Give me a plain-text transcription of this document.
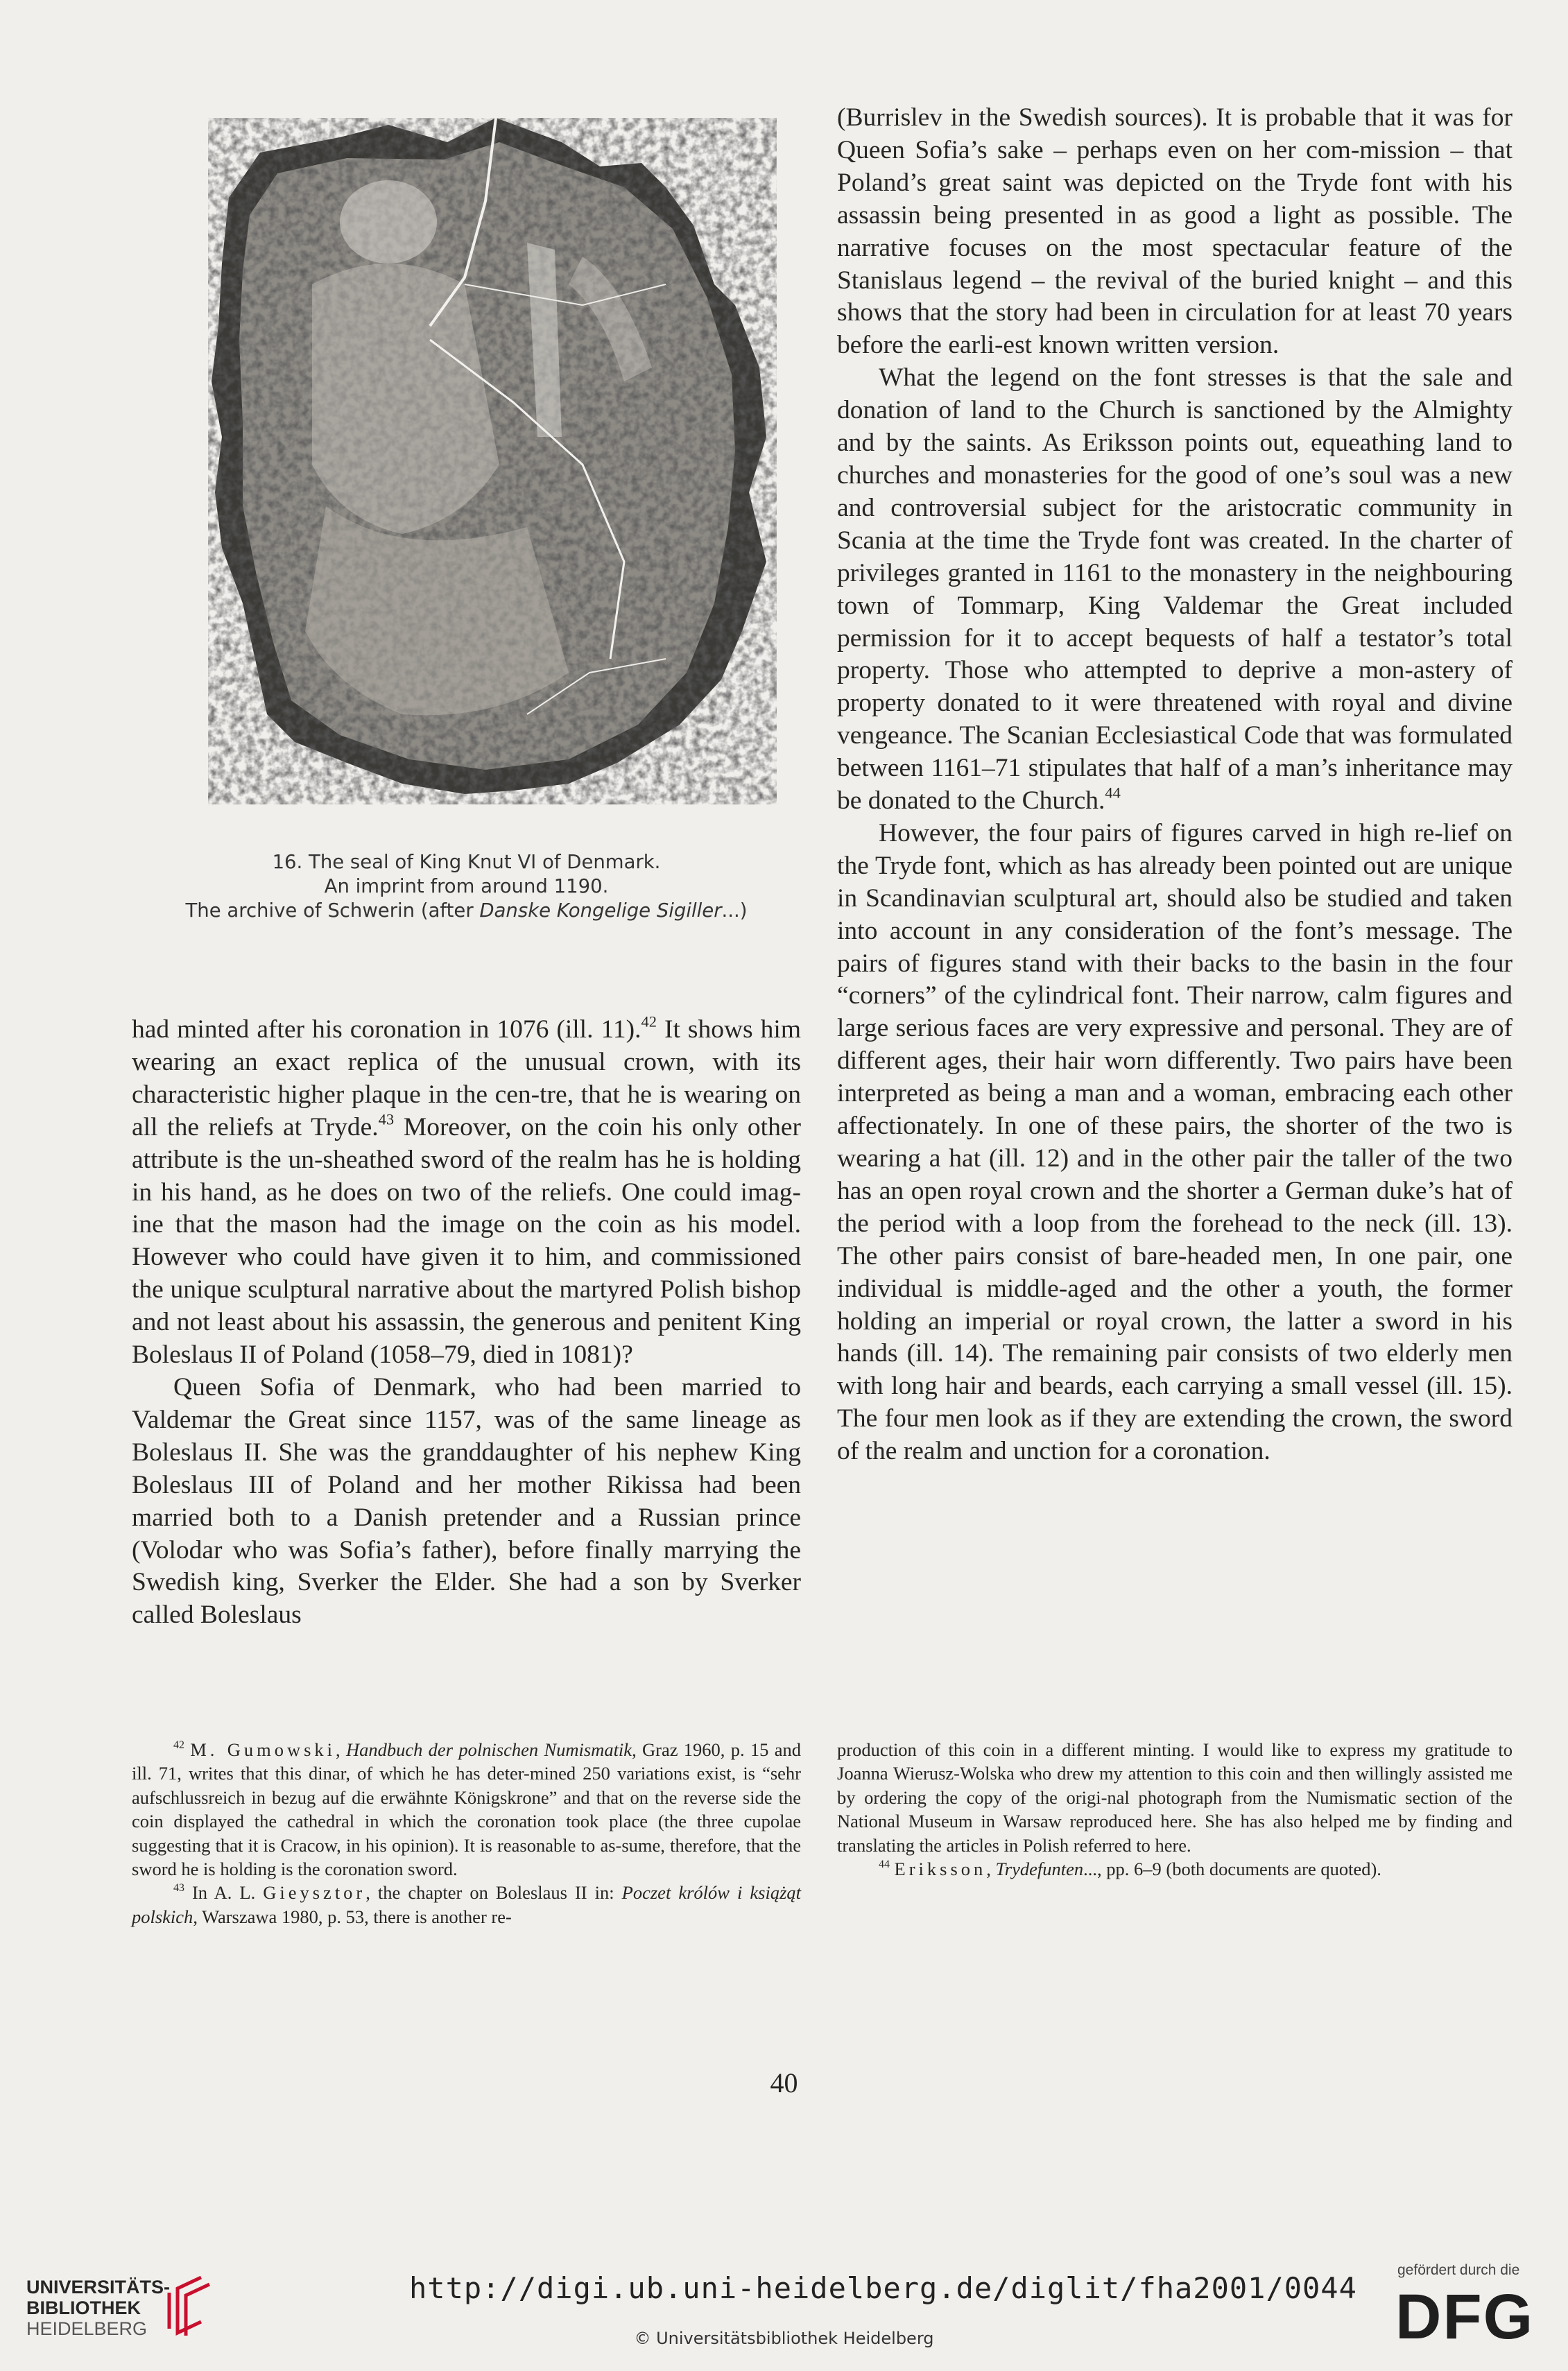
16. The seal of King Knut VI of Denmark.
An imprint from around 1190.
The archive of Schwerin (after Danske Kongelige Sigiller...)

had minted after his coronation in 1076 (ill. 11).$^{42}$ It shows him wearing an exact replica of the unusual crown, with its characteristic higher plaque in the cen-tre, that he is wearing on all the reliefs at Tryde.$^{43}$ Moreover, on the coin his only other attribute is the un-sheathed sword of the realm has he is holding in his hand, as he does on two of the reliefs. One could imag-ine that the mason had the image on the coin as his model. However who could have given it to him, and commissioned the unique sculptural narrative about the martyred Polish bishop and not least about his assassin, the generous and penitent King Boleslaus II of Poland (1058–79, died in 1081)?

Queen Sofia of Denmark, who had been married to Valdemar the Great since 1157, was of the same lineage as Boleslaus II. She was the granddaughter of his nephew King Boleslaus III of Poland and her mother Rikissa had been married both to a Danish pretender and a Russian prince (Volodar who was Sofia’s father), before finally marrying the Swedish king, Sverker the Elder. She had a son by Sverker called Boleslaus

(Burrislev in the Swedish sources). It is probable that it was for Queen Sofia’s sake – perhaps even on her com-mission – that Poland’s great saint was depicted on the Tryde font with his assassin being presented in as good a light as possible. The narrative focuses on the most spectacular feature of the Stanislaus legend – the revival of the buried knight – and this shows that the story had been in circulation for at least 70 years before the earli-est known written version.

What the legend on the font stresses is that the sale and donation of land to the Church is sanctioned by the Almighty and by the saints. As Eriksson points out, equeathing land to churches and monasteries for the good of one’s soul was a new and controversial subject for the aristocratic community in Scania at the time the Tryde font was created. In the charter of privileges granted in 1161 to the monastery in the neighbouring town of Tommarp, King Valdemar the Great included permission for it to accept bequests of half a testator’s total property. Those who attempted to deprive a mon-astery of property donated to it were threatened with royal and divine vengeance. The Scanian Ecclesiastical Code that was formulated between 1161–71 stipulates that half of a man’s inheritance may be donated to the Church.$^{44}$

However, the four pairs of figures carved in high re-lief on the Tryde font, which as has already been pointed out are unique in Scandinavian sculptural art, should also be studied and taken into account in any consideration of the font’s message. The pairs of figures stand with their backs to the basin in the four “corners” of the cylindrical font. Their narrow, calm figures and large serious faces are very expressive and personal. They are of different ages, their hair worn differently. Two pairs have been interpreted as being a man and a woman, embracing each other affectionately. In one of these pairs, the shorter of the two is wearing a hat (ill. 12) and in the other pair the taller of the two has an open royal crown and the shorter a German duke’s hat of the period with a loop from the forehead to the neck (ill. 13). The other pairs consist of bare-headed men, In one pair, one individual is middle-aged and the other a youth, the former holding an imperial or royal crown, the latter a sword in his hands (ill. 14). The remaining pair consists of two elderly men with long hair and beards, each carrying a small vessel (ill. 15). The four men look as if they are extending the crown, the sword of the realm and unction for a coronation.

$^{42}$ M. Gumowski, Handbuch der polnischen Numismatik, Graz 1960, p. 15 and ill. 71, writes that this dinar, of which he has deter-mined 250 variations exist, is “sehr aufschlussreich in bezug auf die erwähnte Königskrone” and that on the reverse side the coin displayed the cathedral in which the coronation took place (the three cupolae suggesting that it is Cracow, in his opinion). It is reasonable to as-sume, therefore, that the sword he is holding is the coronation sword.

$^{43}$ In A. L. Gieysztor, the chapter on Boleslaus II in: Poczet królów i książąt polskich, Warszawa 1980, p. 53, there is another re-

production of this coin in a different minting. I would like to express my gratitude to Joanna Wierusz-Wolska who drew my attention to this coin and then willingly assisted me by ordering the copy of the origi-nal photograph from the Numismatic section of the National Museum in Warsaw reproduced here. She has also helped me by finding and translating the articles in Polish referred to here.

$^{44}$ Eriksson, Trydefunten..., pp. 6–9 (both documents are quoted).

40
UNIVERSITÄTS-
BIBLIOTHEK
HEIDELBERG
http://digi.ub.uni-heidelberg.de/diglit/fha2001/0044
© Universitätsbibliothek Heidelberg
gefördert durch die
DFG
